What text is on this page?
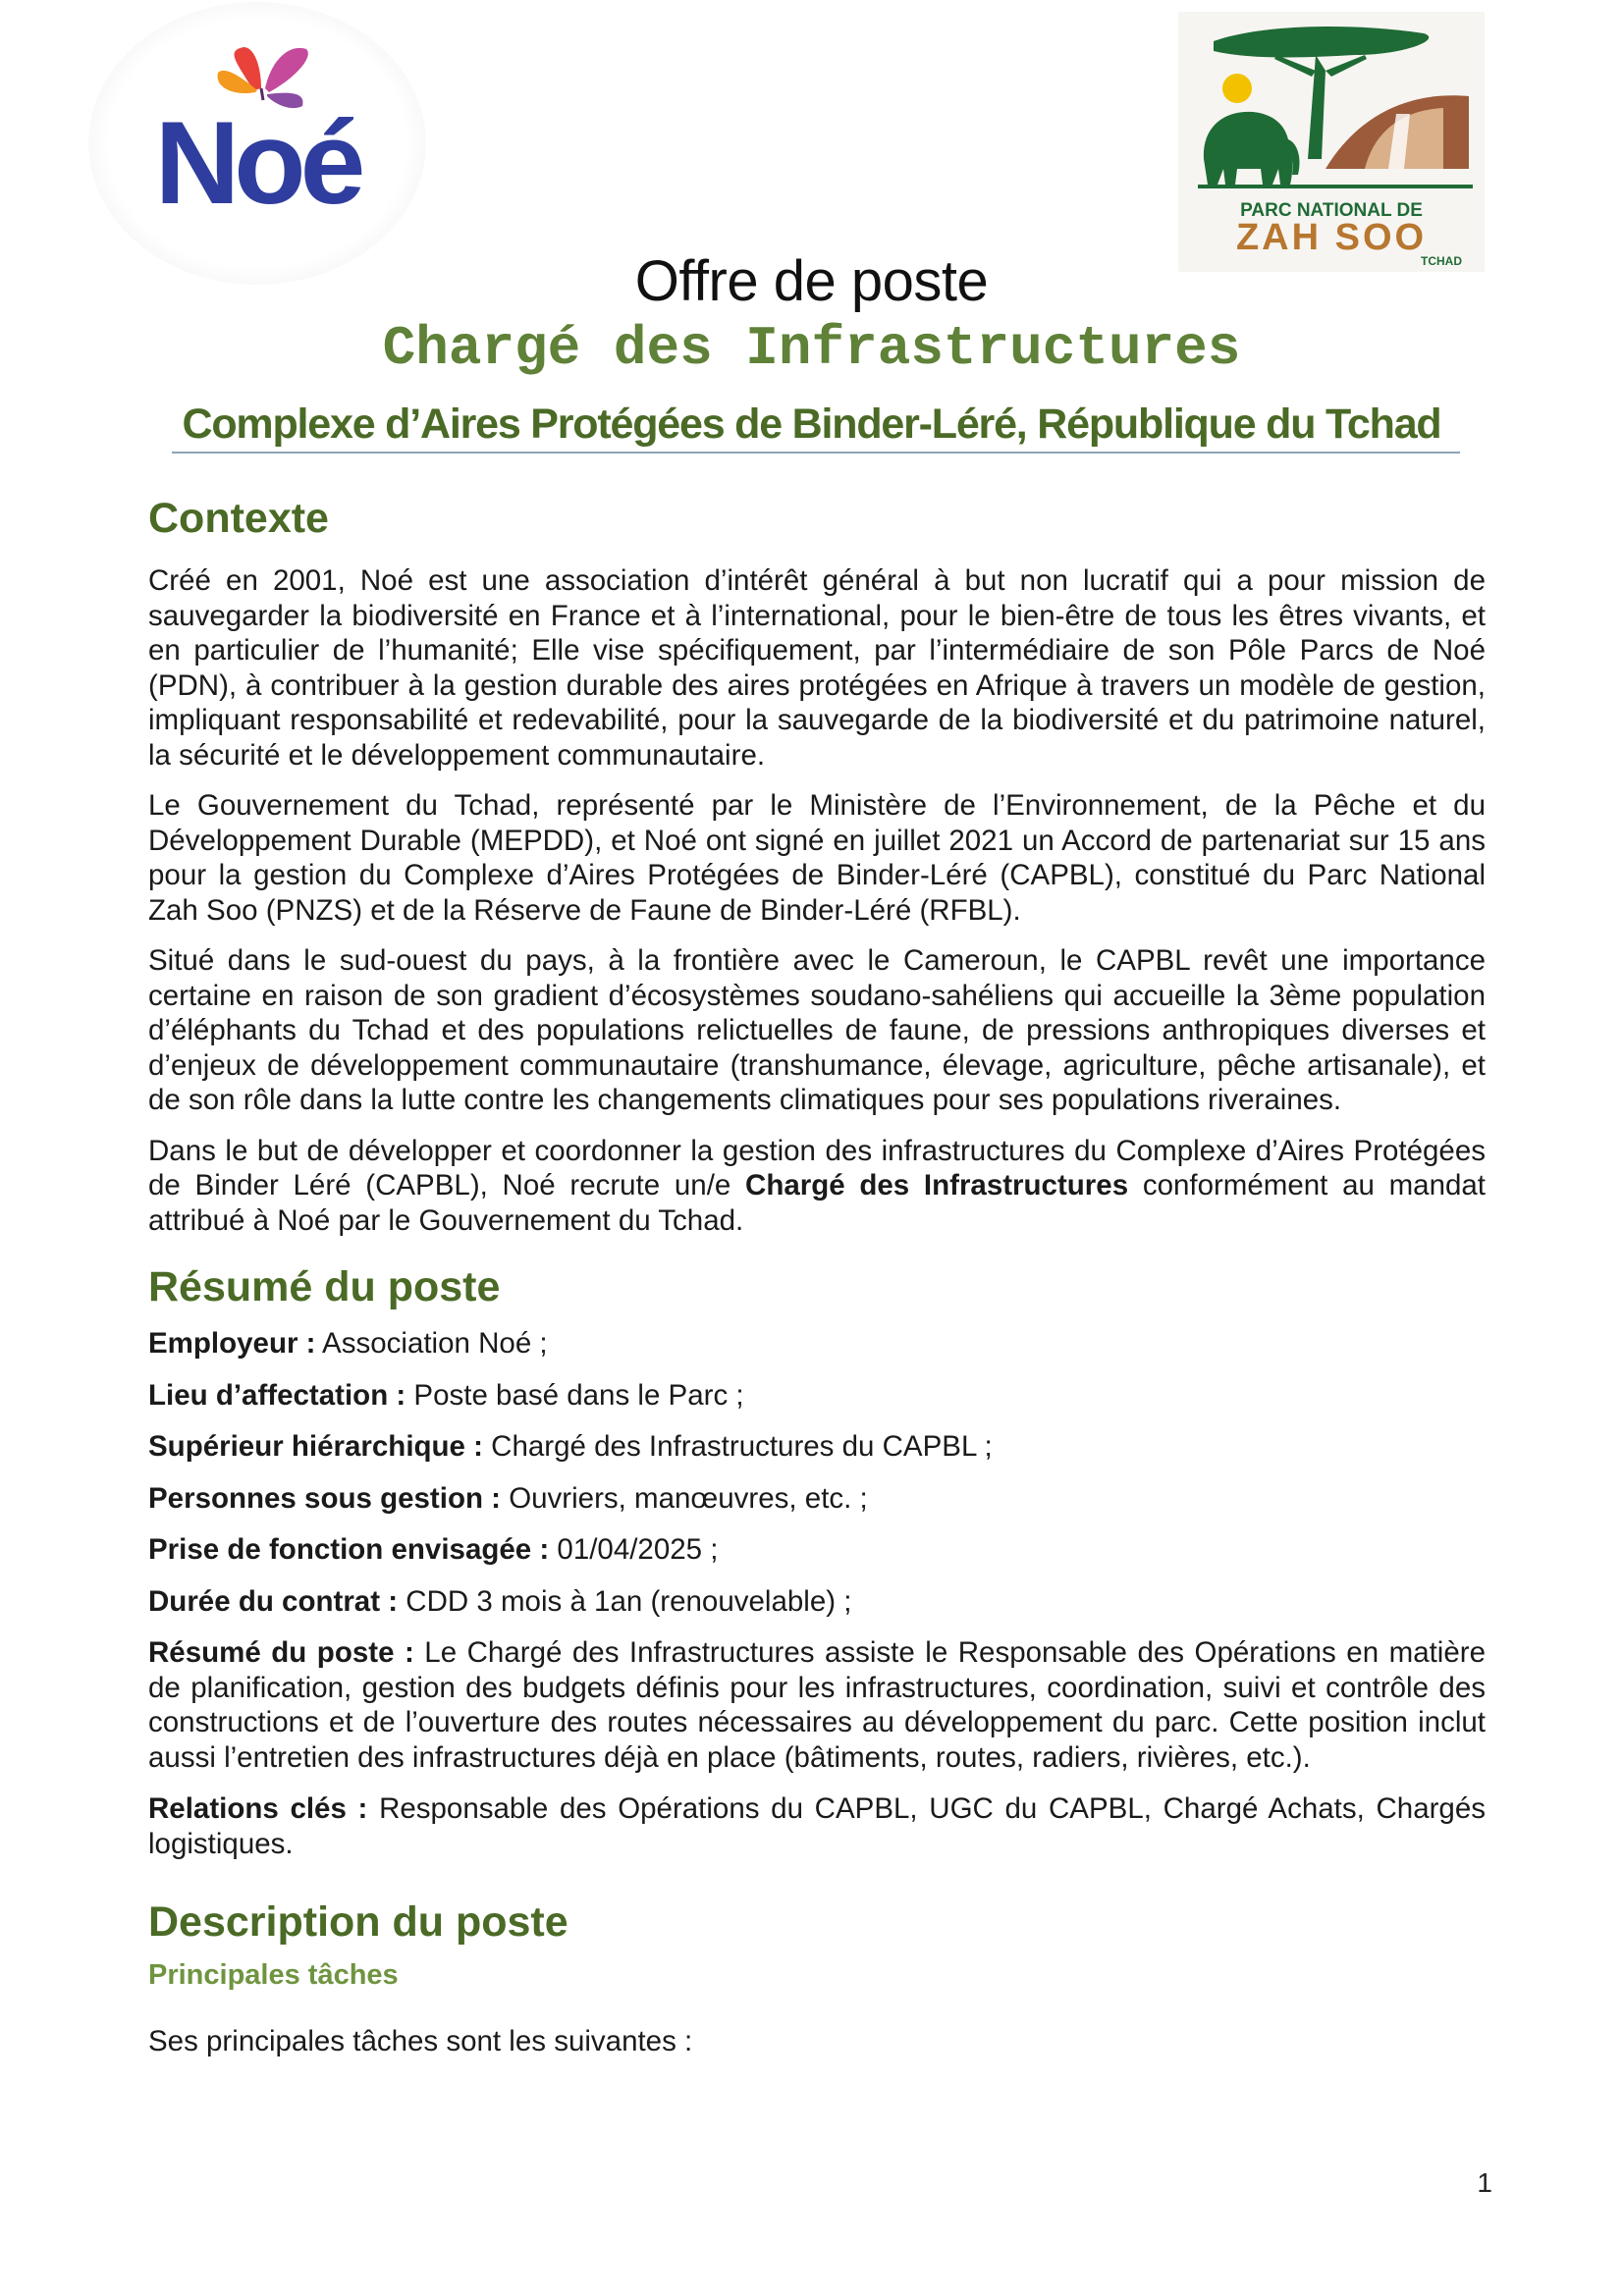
Noé	PARC NATIONAL DE
ZAH SOO
TCHAD
Offre de poste
Chargé des Infrastructures
Complexe d’Aires Protégées de Binder-Léré, République du Tchad
Contexte

Créé en 2001, Noé est une association d’intérêt général à but non lucratif qui a pour mission de sauvegarder la biodiversité en France et à l’international, pour le bien-être de tous les êtres vivants, et en particulier de l’humanité; Elle vise spécifiquement, par l’intermédiaire de son Pôle Parcs de Noé (PDN), à contribuer à la gestion durable des aires protégées en Afrique à travers un modèle de gestion, impliquant responsabilité et redevabilité, pour la sauvegarde de la biodiversité et du patrimoine naturel, la sécurité et le développement communautaire.

Le Gouvernement du Tchad, représenté par le Ministère de l’Environnement, de la Pêche et du Développement Durable (MEPDD), et Noé ont signé en juillet 2021 un Accord de partenariat sur 15 ans pour la gestion du Complexe d’Aires Protégées de Binder-Léré (CAPBL), constitué du Parc National Zah Soo (PNZS) et de la Réserve de Faune de Binder-Léré (RFBL).

Situé dans le sud-ouest du pays, à la frontière avec le Cameroun, le CAPBL revêt une importance certaine en raison de son gradient d’écosystèmes soudano-sahéliens qui accueille la 3ème population d’éléphants du Tchad et des populations relictuelles de faune, de pressions anthropiques diverses et d’enjeux de développement communautaire (transhumance, élevage, agriculture, pêche artisanale), et de son rôle dans la lutte contre les changements climatiques pour ses populations riveraines.

Dans le but de développer et coordonner la gestion des infrastructures du Complexe d’Aires Protégées de Binder Léré (CAPBL), Noé recrute un/e Chargé des Infrastructures conformément au mandat attribué à Noé par le Gouvernement du Tchad.

Résumé du poste
Employeur : Association Noé ;
Lieu d’affectation : Poste basé dans le Parc ;
Supérieur hiérarchique : Chargé des Infrastructures du CAPBL ;
Personnes sous gestion : Ouvriers, manœuvres, etc. ;
Prise de fonction envisagée : 01/04/2025 ;
Durée du contrat : CDD 3 mois à 1an (renouvelable) ;
Résumé du poste : Le Chargé des Infrastructures assiste le Responsable des Opérations en matière de planification, gestion des budgets définis pour les infrastructures, coordination, suivi et contrôle des constructions et de l’ouverture des routes nécessaires au développement du parc. Cette position inclut aussi l’entretien des infrastructures déjà en place (bâtiments, routes, radiers, rivières, etc.).
Relations clés : Responsable des Opérations du CAPBL, UGC du CAPBL, Chargé Achats, Chargés logistiques.
Description du poste
Principales tâches

Ses principales tâches sont les suivantes :

1
